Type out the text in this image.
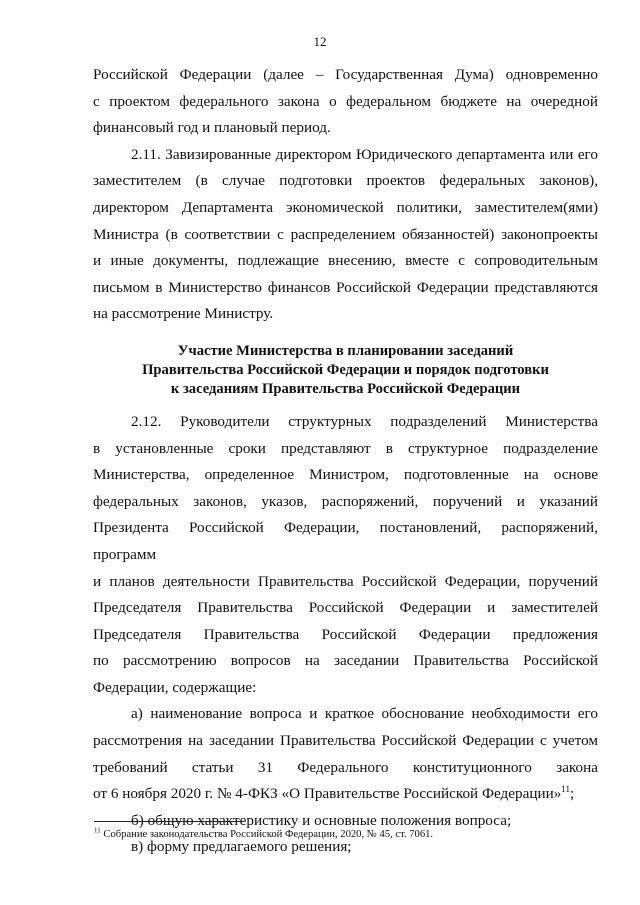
12

Российской Федерации (далее – Государственная Дума) одновременно

с проектом федерального закона о федеральном бюджете на очередной

финансовый год и плановый период.

2.11. Завизированные директором Юридического департамента или его

заместителем (в случае подготовки проектов федеральных законов),

директором Департамента экономической политики, заместителем(ями)

Министра (в соответствии с распределением обязанностей) законопроекты

и иные документы, подлежащие внесению, вместе с сопроводительным

письмом в Министерство финансов Российской Федерации представляются

на рассмотрение Министру.

Участие Министерства в планировании заседаний
Правительства Российской Федерации и порядок подготовки
к заседаниям Правительства Российской Федерации

2.12. Руководители структурных подразделений Министерства

в установленные сроки представляют в структурное подразделение

Министерства, определенное Министром, подготовленные на основе

федеральных законов, указов, распоряжений, поручений и указаний

Президента Российской Федерации, постановлений, распоряжений, программ

и планов деятельности Правительства Российской Федерации, поручений

Председателя Правительства Российской Федерации и заместителей

Председателя Правительства Российской Федерации предложения

по рассмотрению вопросов на заседании Правительства Российской

Федерации, содержащие:

а) наименование вопроса и краткое обоснование необходимости его

рассмотрения на заседании Правительства Российской Федерации с учетом

требований статьи 31 Федерального конституционного закона

от 6 ноября 2020 г. № 4-ФКЗ «О Правительстве Российской Федерации»$^{11}$;

б) общую характеристику и основные положения вопроса;

в) форму предлагаемого решения;

$^{11}$ Собрание законодательства Российской Федерации, 2020, № 45, ст. 7061.
